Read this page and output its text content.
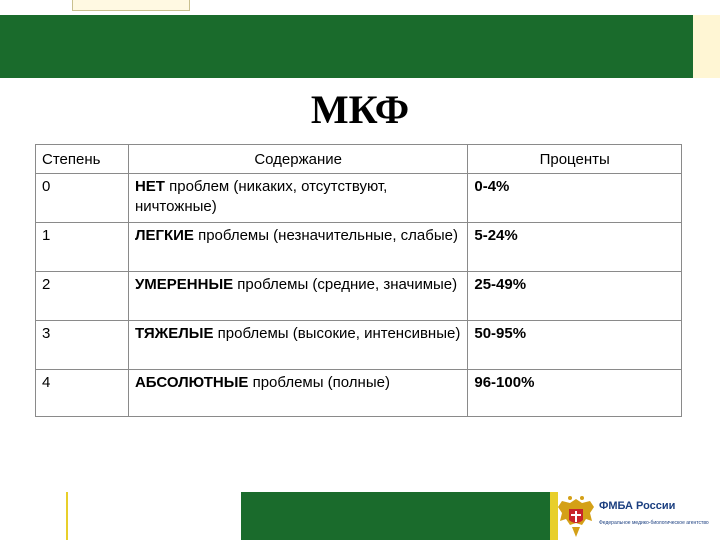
МКФ
Степень	Содержание	Проценты
0	НЕТ проблем (никаких, отсутствуют, ничтожные)	0-4%
1	ЛЕГКИЕ проблемы (незначительные, слабые)	5-24%
2	УМЕРЕННЫЕ проблемы (средние, значимые)	25-49%
3	ТЯЖЕЛЫЕ проблемы (высокие, интенсивные)	50-95%
4	АБСОЛЮТНЫЕ проблемы (полные)	96-100%
ФМБА России
Федеральное медико-биологическое агентство
